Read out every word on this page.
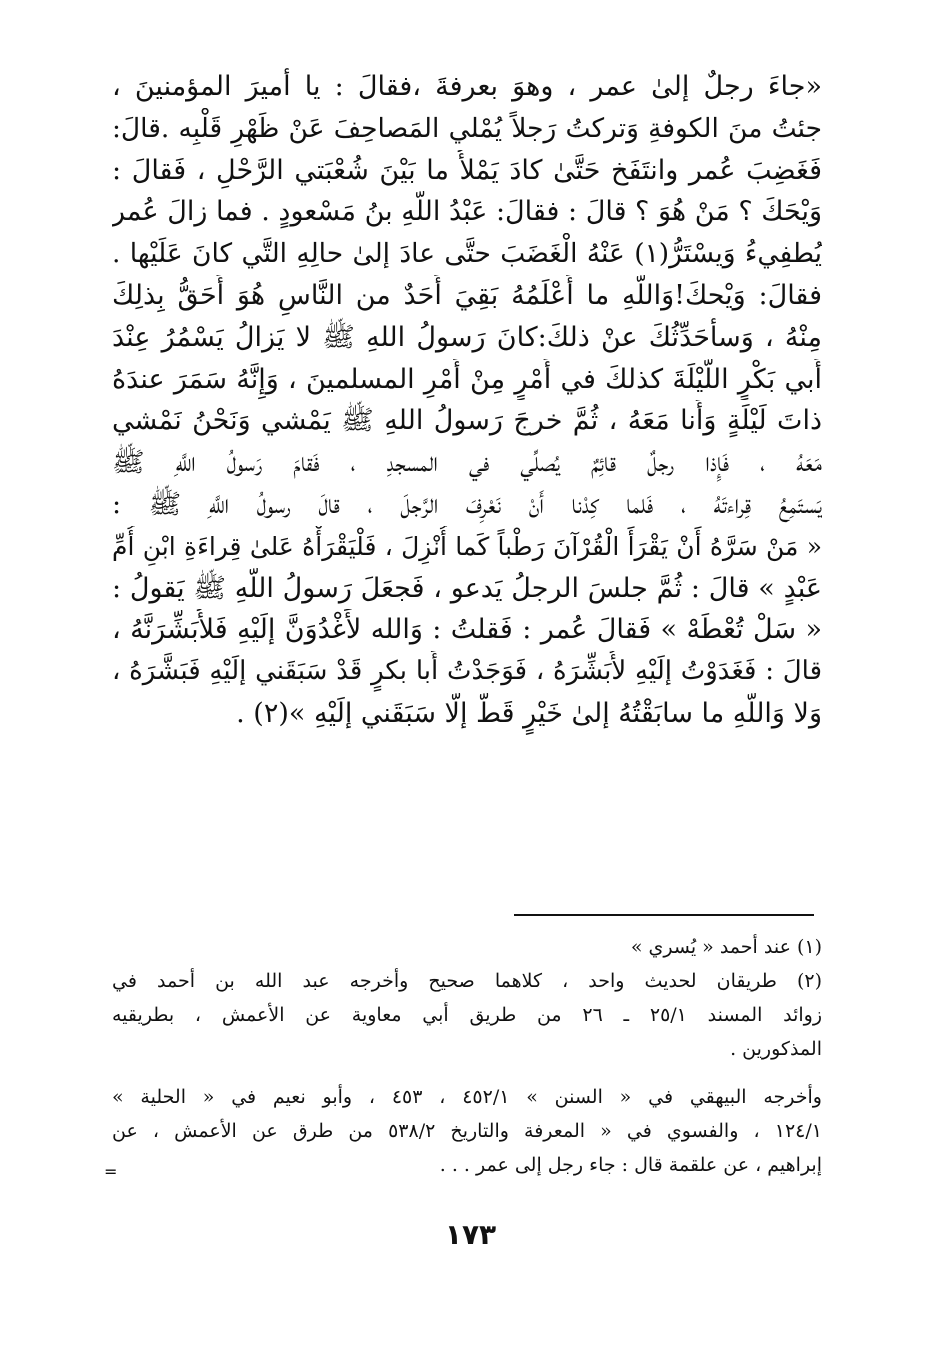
«جاءَ رجلٌ إلىٰ عمر ، وهوَ بعرفةَ ،فقالَ : يا أميرَ المؤمنينَ ،
جئتُ منَ الكوفةِ وَتركتُ رَجلاً يُمْلي المَصاحِفَ عَنْ ظَهْرِ قَلْبِه .قالَ:
فَغَضِبَ عُمر وانتَفَخ حَتَّىٰ كادَ يَمْلأُ ما بَيْنَ شُعْبَتي الرَّحْلِ ، فَقالَ :
وَيْحَكَ ؟ مَنْ هُوَ ؟ قالَ : فقالَ: عَبْدُ اللَّهِ بنُ مَسْعودٍ . فما زالَ عُمر
يُطفِيءُ وَيسْتَرُّ(١) عَنْهُ الْغَضَبَ حتَّى عادَ إلىٰ حالِهِ التَّي كانَ عَلَيْها .
فقالَ: وَيْحكَ!وَاللَّهِ ما أَعْلَمُهُ بَقِيَ أَحَدٌ من النَّاسِ هُوَ أَحَقُّ بِذلِكَ
مِنْهُ ، وَسأُحَدِّثُكَ عنْ ذلكَ:كانَ رَسولُ اللهِ ﷺ لا يَزالُ يَسْمُرُ عِنْدَ
أَبي بَكْرٍ اللَّيْلَةَ كذلكَ في أَمْرٍ مِنْ أَمْرِ المسلمينَ ، وَإِنَّهُ سَمَرَ عندَهُ
ذاتَ لَيْلَةٍ وَأَنا مَعَهُ ، ثُمَّ خرجَ رَسولُ اللهِ ﷺ يَمْشي وَنَحْنُ نَمْشي
مَعَهُ ، فَإِذا رجلٌ قائِمٌ يُصلِّي في المسجدِ ، فَقامَ رَسولُ اللَّهِ ﷺ
يَستَمِعُ قِراءتَهُ ، فَلما كِدْنا أَنْ نَعْرِفَ الرَّجلَ ، قالَ رسولُ اللَّهِ ﷺ :
« مَنْ سَرَّهُ أَنْ يَقْرَأَ الْقُرْآنَ رَطْباً كَما أُنْزِلَ ، فَلْيَقْرَأْهُ عَلىٰ قِراءَةِ ابْنِ أُمِّ
عَبْدٍ » قالَ : ثُمَّ جلسَ الرجلُ يَدعو ، فَجعَلَ رَسولُ اللَّهِ ﷺ يَقولُ :
« سَلْ تُعْطَهْ » فَقالَ عُمر : فَقلتُ : وَالله لأَغْدُوَنَّ إلَيْهِ فَلأُبَشِّرَنَّهُ ،
قالَ : فَغَدَوْتُ إلَيْهِ لأُبَشِّرَهُ ، فَوَجَدْتُ أَبا بكرٍ قَدْ سَبَقَني إلَيْهِ فَبَشَّرَهُ ،
وَلا وَاللَّهِ ما سابَقْتُهُ إلىٰ خَيْرٍ قَطُّ إلَّا سَبَقَني إلَيْهِ »(٢) .
(١) عند أحمد « يُسري »
(٢) طريقان لحديث واحد ، كلاهما صحيح وأخرجه عبد الله بن أحمد في
زوائد المسند ٢٥/١ ـ ٢٦ من طريق أبي معاوية عن الأعمش ، بطريقيه
المذكورين .
وأخرجه البيهقي في « السنن » ٤٥٢/١ ، ٤٥٣ ، وأبو نعيم في « الحلية »
١٢٤/١ ، والفسوي في « المعرفة والتاريخ ٥٣٨/٢ من طرق عن الأعمش ، عن
إبراهيم ، عن علقمة قال : جاء رجل إلى عمر . . .
=
١٧٣
